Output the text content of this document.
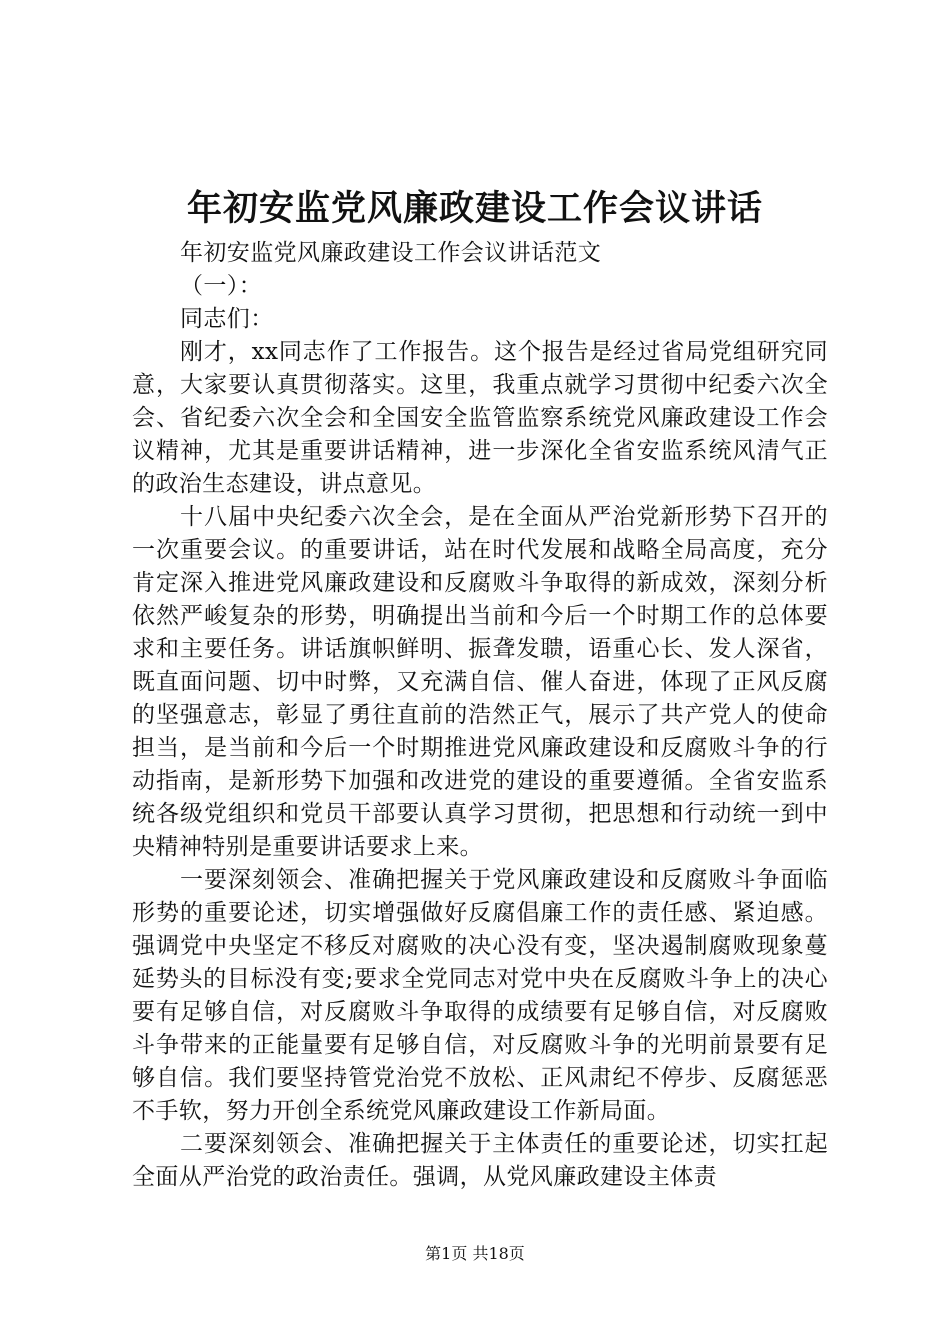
年初安监党风廉政建设工作会议讲话

年初安监党风廉政建设工作会议讲话范文

（一）：

同志们：

刚才，xx同志作了工作报告。这个报告是经过省局党组研究同意，大家要认真贯彻落实。这里，我重点就学习贯彻中纪委六次全会、省纪委六次全会和全国安全监管监察系统党风廉政建设工作会议精神，尤其是重要讲话精神，进一步深化全省安监系统风清气正的政治生态建设，讲点意见。

十八届中央纪委六次全会，是在全面从严治党新形势下召开的一次重要会议。的重要讲话，站在时代发展和战略全局高度，充分肯定深入推进党风廉政建设和反腐败斗争取得的新成效，深刻分析依然严峻复杂的形势，明确提出当前和今后一个时期工作的总体要求和主要任务。讲话旗帜鲜明、振聋发聩，语重心长、发人深省，既直面问题、切中时弊，又充满自信、催人奋进，体现了正风反腐的坚强意志，彰显了勇往直前的浩然正气，展示了共产党人的使命担当，是当前和今后一个时期推进党风廉政建设和反腐败斗争的行动指南，是新形势下加强和改进党的建设的重要遵循。全省安监系统各级党组织和党员干部要认真学习贯彻，把思想和行动统一到中央精神特别是重要讲话要求上来。

一要深刻领会、准确把握关于党风廉政建设和反腐败斗争面临形势的重要论述，切实增强做好反腐倡廉工作的责任感、紧迫感。强调党中央坚定不移反对腐败的决心没有变，坚决遏制腐败现象蔓延势头的目标没有变;要求全党同志对党中央在反腐败斗争上的决心要有足够自信，对反腐败斗争取得的成绩要有足够自信，对反腐败斗争带来的正能量要有足够自信，对反腐败斗争的光明前景要有足够自信。我们要坚持管党治党不放松、正风肃纪不停步、反腐惩恶不手软，努力开创全系统党风廉政建设工作新局面。

二要深刻领会、准确把握关于主体责任的重要论述，切实扛起全面从严治党的政治责任。强调，从党风廉政建设主体责

第1页 共18页
